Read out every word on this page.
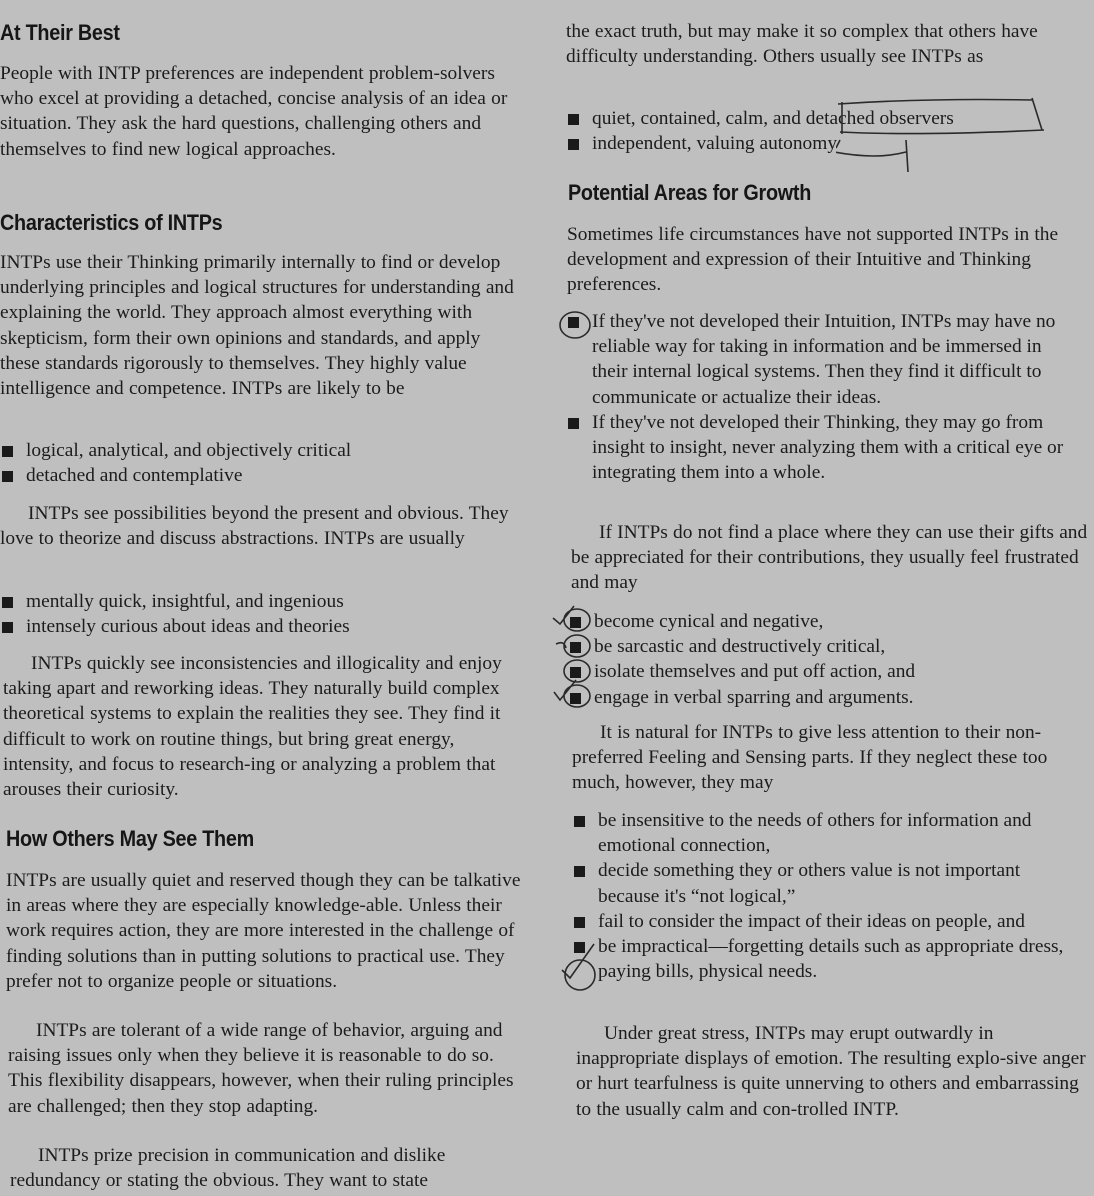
At Their Best

People with INTP preferences are independent problem-solvers who excel at providing a detached, concise analysis of an idea or situation. They ask the hard questions, challenging others and themselves to find new logical approaches.

Characteristics of INTPs

INTPs use their Thinking primarily internally to find or develop underlying principles and logical structures for understanding and explaining the world. They approach almost everything with skepticism, form their own opinions and standards, and apply these standards rigorously to themselves. They highly value intelligence and competence. INTPs are likely to be

logical, analytical, and objectively critical
detached and contemplative

INTPs see possibilities beyond the present and obvious. They love to theorize and discuss abstractions. INTPs are usually

mentally quick, insightful, and ingenious
intensely curious about ideas and theories

INTPs quickly see inconsistencies and illogicality and enjoy taking apart and reworking ideas. They naturally build complex theoretical systems to explain the realities they see. They find it difficult to work on routine things, but bring great energy, intensity, and focus to research-ing or analyzing a problem that arouses their curiosity.

How Others May See Them

INTPs are usually quiet and reserved though they can be talkative in areas where they are especially knowledge-able. Unless their work requires action, they are more interested in the challenge of finding solutions than in putting solutions to practical use. They prefer not to organize people or situations.

INTPs are tolerant of a wide range of behavior, arguing and raising issues only when they believe it is reasonable to do so. This flexibility disappears, however, when their ruling principles are challenged; then they stop adapting.

INTPs prize precision in communication and dislike redundancy or stating the obvious. They want to state

the exact truth, but may make it so complex that others have difficulty understanding. Others usually see INTPs as

quiet, contained, calm, and detached observers
independent, valuing autonomy
Potential Areas for Growth

Sometimes life circumstances have not supported INTPs in the development and expression of their Intuitive and Thinking preferences.

If they've not developed their Intuition, INTPs may have no reliable way for taking in information and be immersed in their internal logical systems. Then they find it difficult to communicate or actualize their ideas.
If they've not developed their Thinking, they may go from insight to insight, never analyzing them with a critical eye or integrating them into a whole.

If INTPs do not find a place where they can use their gifts and be appreciated for their contributions, they usually feel frustrated and may

become cynical and negative,
be sarcastic and destructively critical,
isolate themselves and put off action, and
engage in verbal sparring and arguments.

It is natural for INTPs to give less attention to their non-preferred Feeling and Sensing parts. If they neglect these too much, however, they may

be insensitive to the needs of others for information and emotional connection,
decide something they or others value is not important because it's “not logical,”
fail to consider the impact of their ideas on people, and
be impractical—forgetting details such as appropriate dress, paying bills, physical needs.

Under great stress, INTPs may erupt outwardly in inappropriate displays of emotion. The resulting explo-sive anger or hurt tearfulness is quite unnerving to others and embarrassing to the usually calm and con-trolled INTP.
